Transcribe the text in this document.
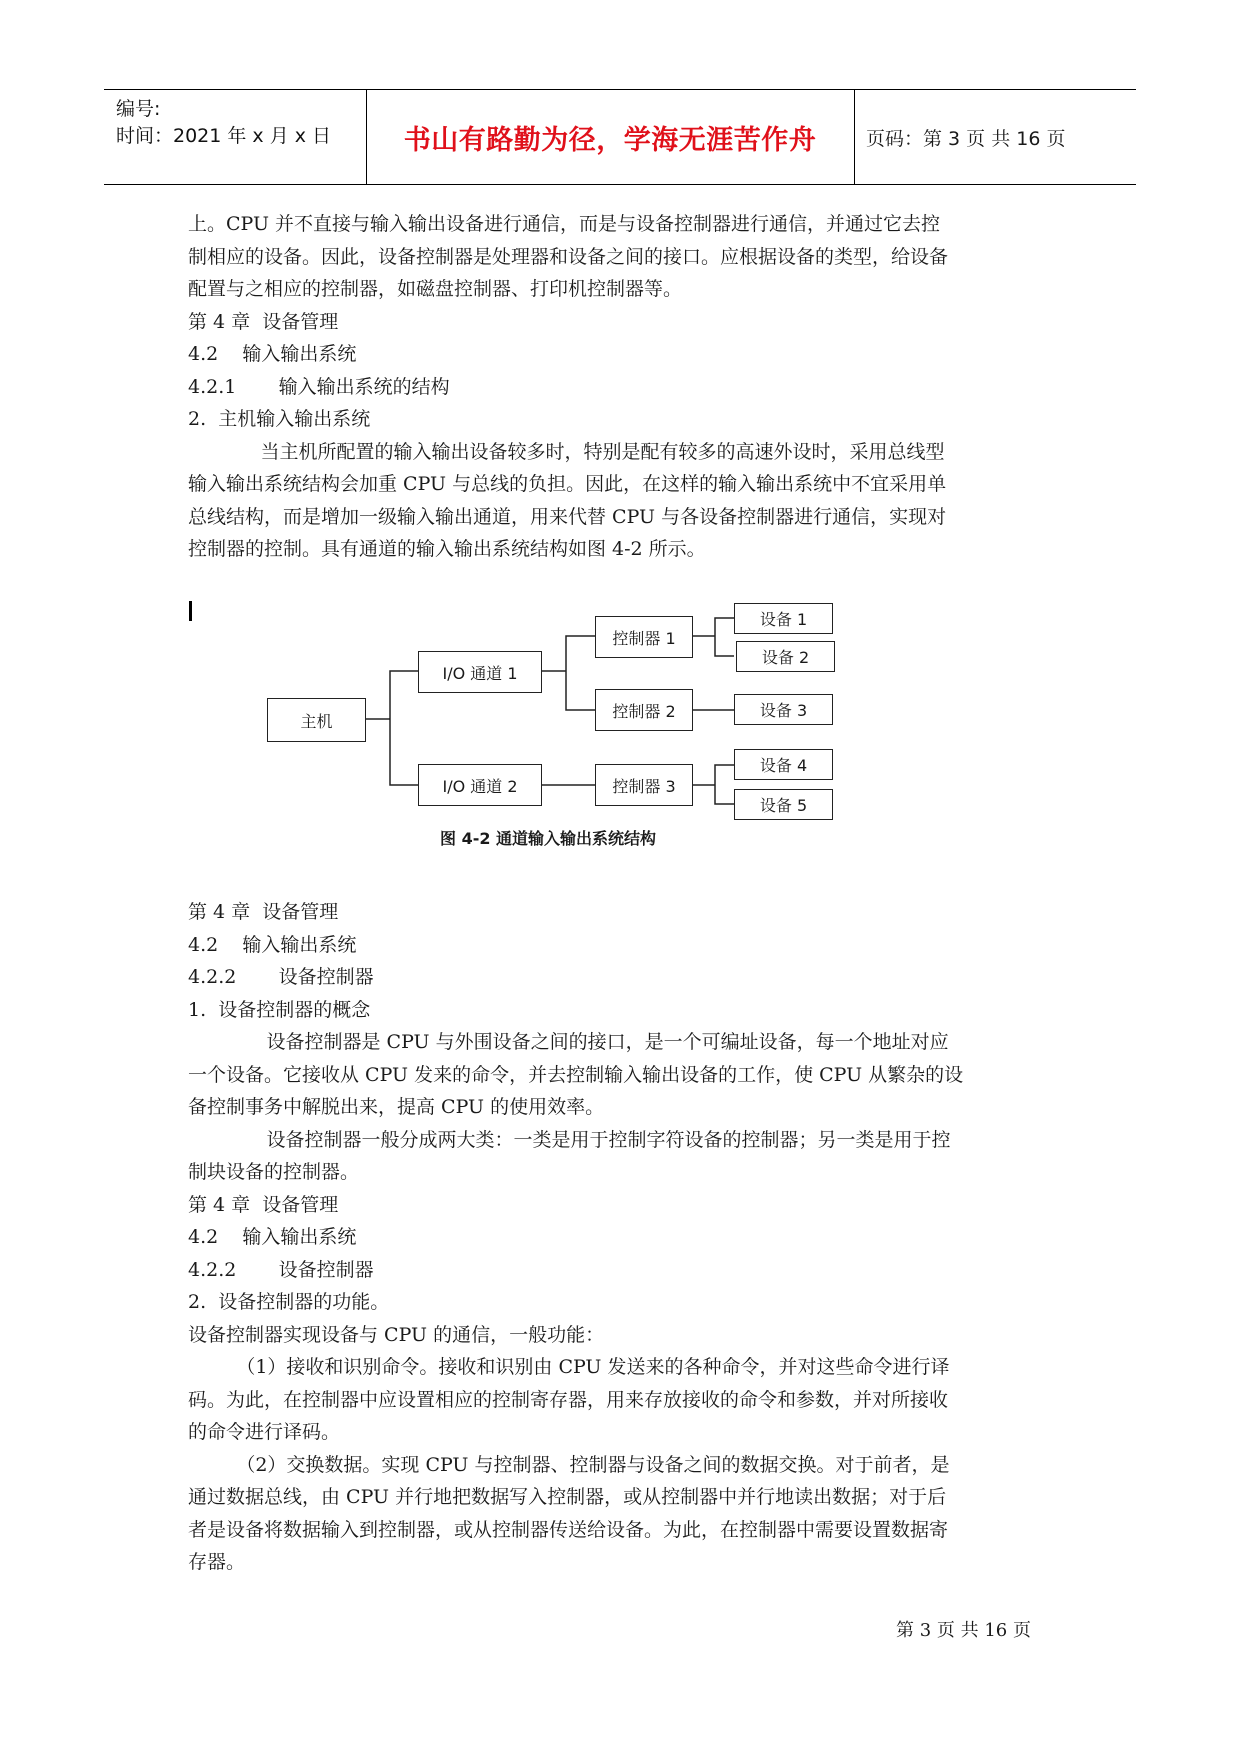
编号:
时间：2021 年 x 月 x 日	书山有路勤为径，学海无涯苦作舟	页码：第 3 页 共 16 页
上。CPU 并不直接与输入输出设备进行通信，而是与设备控制器进行通信，并通过它去控
制相应的设备。因此，设备控制器是处理器和设备之间的接口。应根据设备的类型，给设备
配置与之相应的控制器，如磁盘控制器、打印机控制器等。
第 4 章  设备管理
4.2    输入输出系统
4.2.1       输入输出系统的结构
2.  主机输入输出系统
当主机所配置的输入输出设备较多时，特别是配有较多的高速外设时，采用总线型
输入输出系统结构会加重 CPU 与总线的负担。因此，在这样的输入输出系统中不宜采用单
总线结构，而是增加一级输入输出通道，用来代替 CPU 与各设备控制器进行通信，实现对
控制器的控制。具有通道的输入输出系统结构如图 4-2 所示。
主机
I/O 通道 1
I/O 通道 2
控制器 1
控制器 2
控制器 3
设备 1
设备 2
设备 3
设备 4
设备 5
图 4-2 通道输入输出系统结构
第 4 章  设备管理
4.2    输入输出系统
4.2.2       设备控制器
1.  设备控制器的概念
设备控制器是 CPU 与外围设备之间的接口，是一个可编址设备，每一个地址对应
一个设备。它接收从 CPU 发来的命令，并去控制输入输出设备的工作，使 CPU 从繁杂的设
备控制事务中解脱出来，提高 CPU 的使用效率。
设备控制器一般分成两大类：一类是用于控制字符设备的控制器；另一类是用于控
制块设备的控制器。
第 4 章  设备管理
4.2    输入输出系统
4.2.2       设备控制器
2.  设备控制器的功能。
设备控制器实现设备与 CPU 的通信，一般功能：
（1）接收和识别命令。接收和识别由 CPU 发送来的各种命令，并对这些命令进行译
码。为此，在控制器中应设置相应的控制寄存器，用来存放接收的命令和参数，并对所接收
的命令进行译码。
（2）交换数据。实现 CPU 与控制器、控制器与设备之间的数据交换。对于前者，是
通过数据总线，由 CPU 并行地把数据写入控制器，或从控制器中并行地读出数据；对于后
者是设备将数据输入到控制器，或从控制器传送给设备。为此，在控制器中需要设置数据寄
存器。
第 3 页 共 16 页
